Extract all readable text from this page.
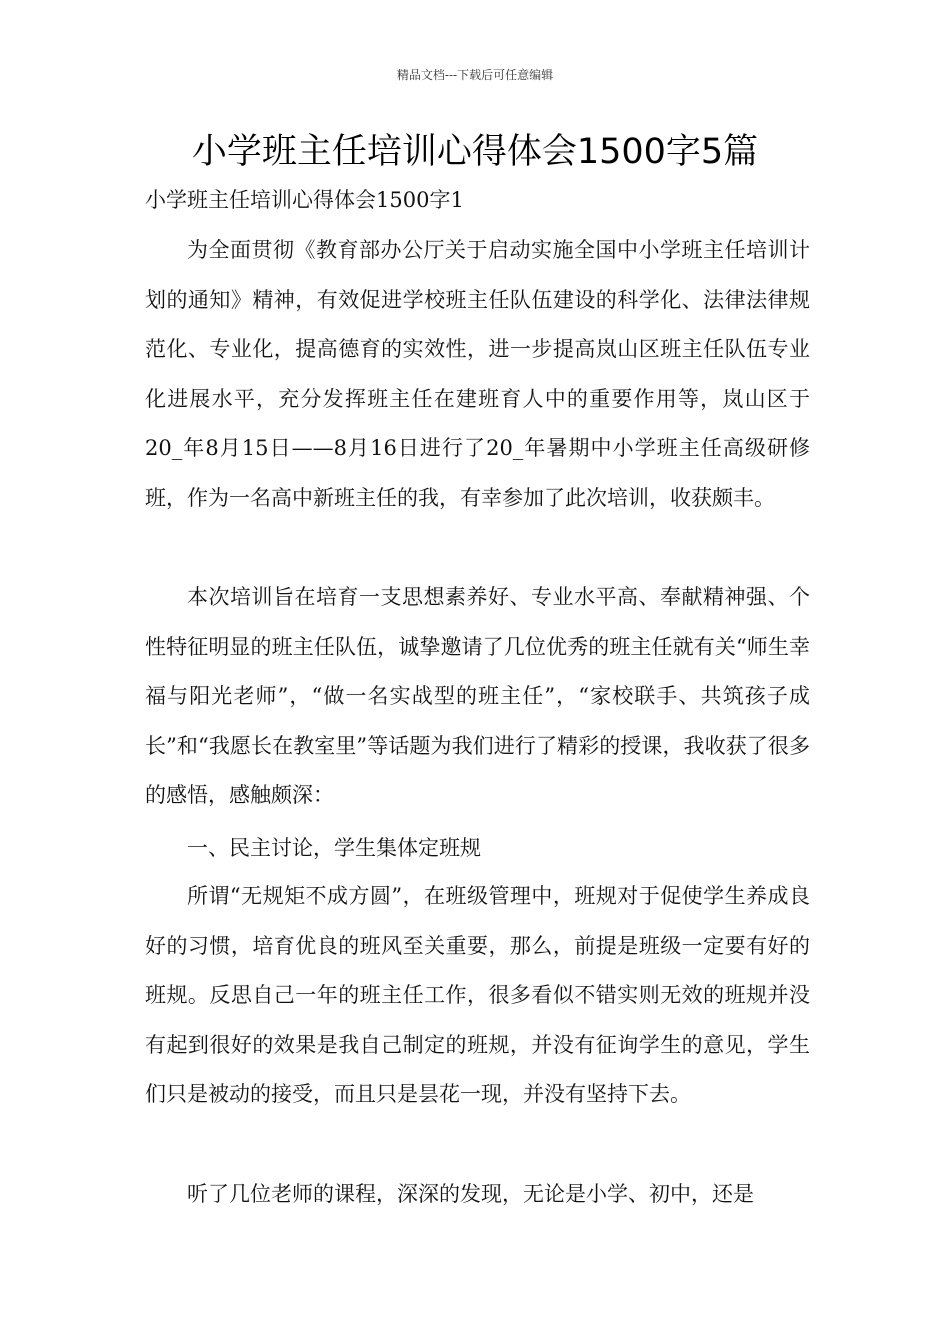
精品文档---下载后可任意编辑
小学班主任培训心得体会1500字5篇

小学班主任培训心得体会1500字1

为全面贯彻《教育部办公厅关于启动实施全国中小学班主任培训计划的通知》精神，有效促进学校班主任队伍建设的科学化、法律法律规范化、专业化，提高德育的实效性，进一步提高岚山区班主任队伍专业化进展水平，充分发挥班主任在建班育人中的重要作用等，岚山区于20_年8月15日——8月16日进行了20_年暑期中小学班主任高级研修班，作为一名高中新班主任的我，有幸参加了此次培训，收获颇丰。

本次培训旨在培育一支思想素养好、专业水平高、奉献精神强、个性特征明显的班主任队伍，诚挚邀请了几位优秀的班主任就有关“师生幸福与阳光老师”，“做一名实战型的班主任”，“家校联手、共筑孩子成长”和“我愿长在教室里”等话题为我们进行了精彩的授课，我收获了很多的感悟，感触颇深：

一、民主讨论，学生集体定班规

所谓“无规矩不成方圆”，在班级管理中，班规对于促使学生养成良好的习惯，培育优良的班风至关重要，那么，前提是班级一定要有好的班规。反思自己一年的班主任工作，很多看似不错实则无效的班规并没有起到很好的效果是我自己制定的班规，并没有征询学生的意见，学生们只是被动的接受，而且只是昙花一现，并没有坚持下去。

听了几位老师的课程，深深的发现，无论是小学、初中，还是
